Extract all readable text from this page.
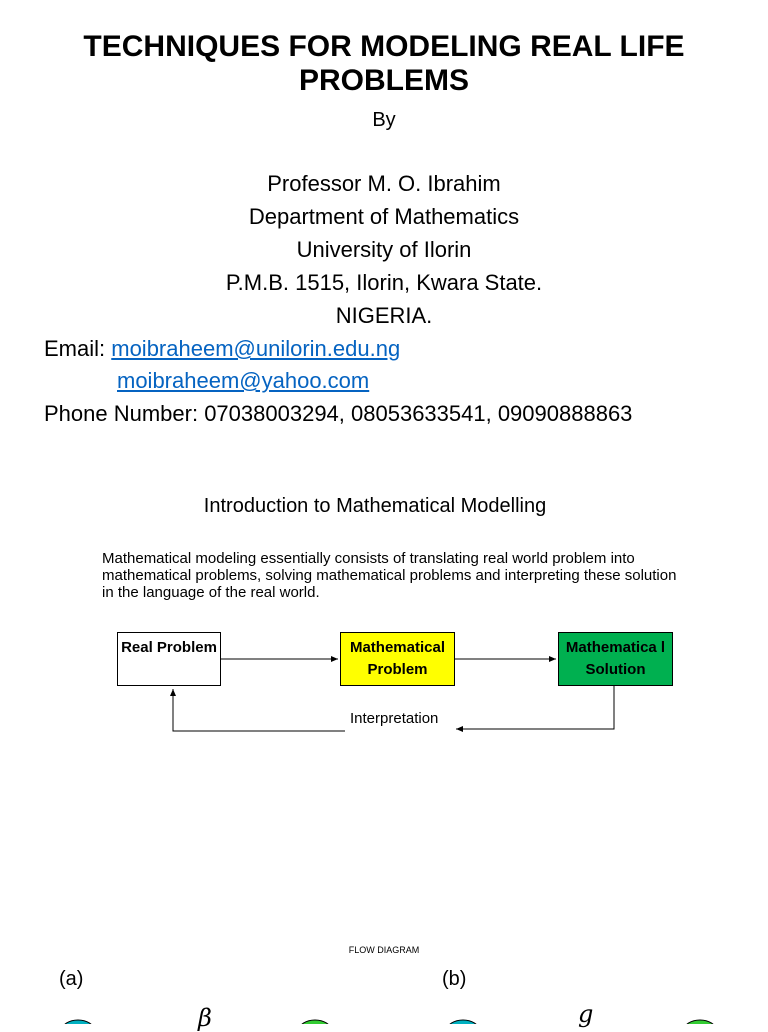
TECHNIQUES FOR MODELING REAL LIFE PROBLEMS
By
Professor M. O. Ibrahim
Department of Mathematics
University of Ilorin
P.M.B. 1515, Ilorin, Kwara State.
NIGERIA.
Email: moibraheem@unilorin.edu.ng
moibraheem@yahoo.com
Phone Number: 07038003294, 08053633541, 09090888863
Introduction to Mathematical Modelling
Mathematical modeling essentially consists of translating real world problem into mathematical problems, solving mathematical problems and interpreting these solution in the language of the real world.
Real Problem	Mathematical Problem
Mathematica l Solution
Interpretation
FLOW DIAGRAM
(a)	(b)
β	g
